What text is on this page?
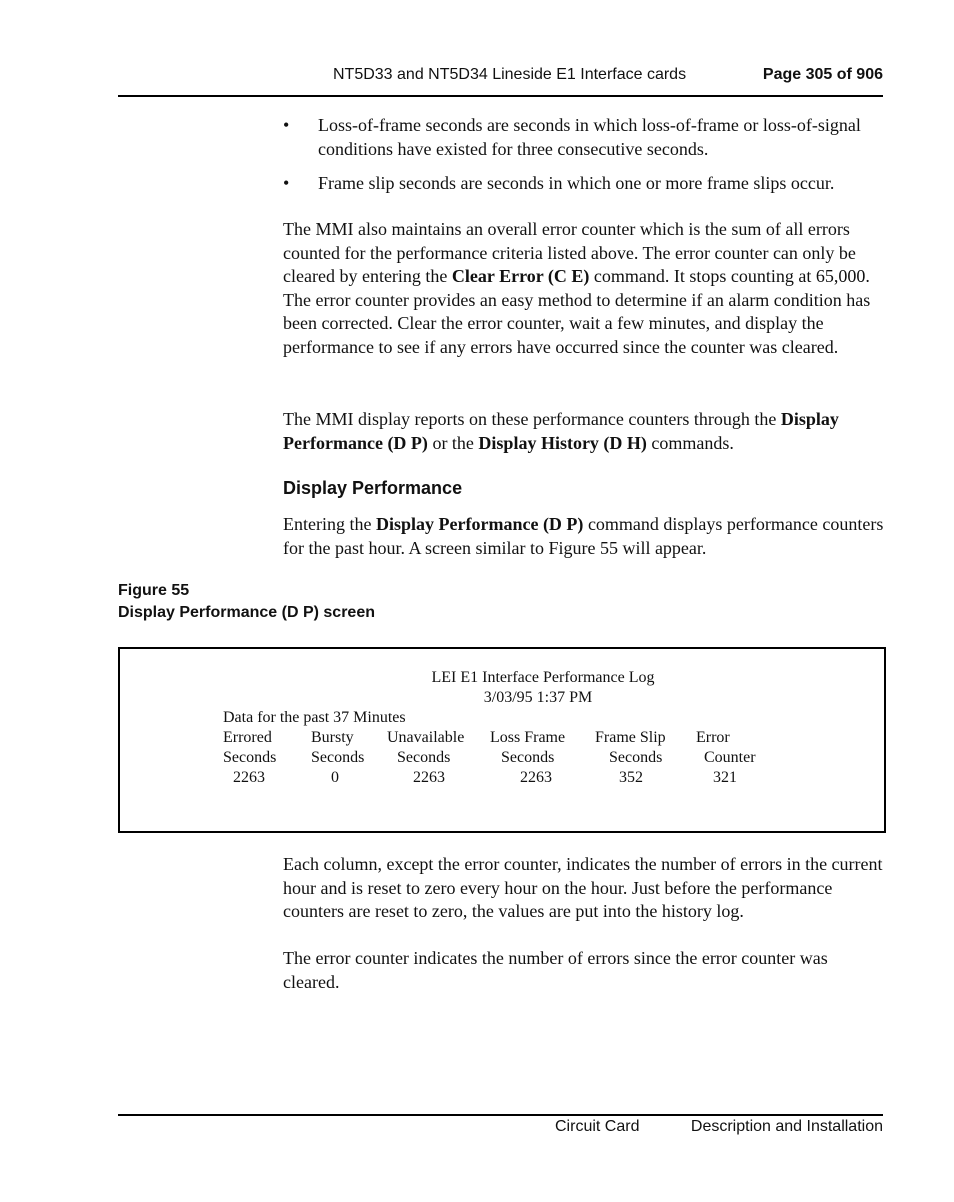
NT5D33 and NT5D34 Lineside E1 Interface cards	Page 305 of 906
• Loss-of-frame seconds are seconds in which loss-of-frame or loss-of-signal conditions have existed for three consecutive seconds.
• Frame slip seconds are seconds in which one or more frame slips occur.
The MMI also maintains an overall error counter which is the sum of all errors counted for the performance criteria listed above. The error counter can only be cleared by entering the Clear Error (C E) command. It stops counting at 65,000. The error counter provides an easy method to determine if an alarm condition has been corrected. Clear the error counter, wait a few minutes, and display the performance to see if any errors have occurred since the counter was cleared.
The MMI display reports on these performance counters through the Display Performance (D P) or the Display History (D H) commands.
Display Performance
Entering the Display Performance (D P) command displays performance counters for the past hour. A screen similar to Figure 55 will appear.
Figure 55
Display Performance (D P) screen
LEI E1 Interface Performance Log
3/03/95 1:37 PM
Data for the past 37 Minutes
Errored
Seconds
2263
Bursty
Seconds
0
Unavailable
Seconds
2263
Loss Frame
Seconds
2263
Frame Slip
Seconds
352
Error
Counter
321
Each column, except the error counter, indicates the number of errors in the current hour and is reset to zero every hour on the hour. Just before the performance counters are reset to zero, the values are put into the history log.
The error counter indicates the number of errors since the error counter was cleared.
Circuit Card	Description and Installation
